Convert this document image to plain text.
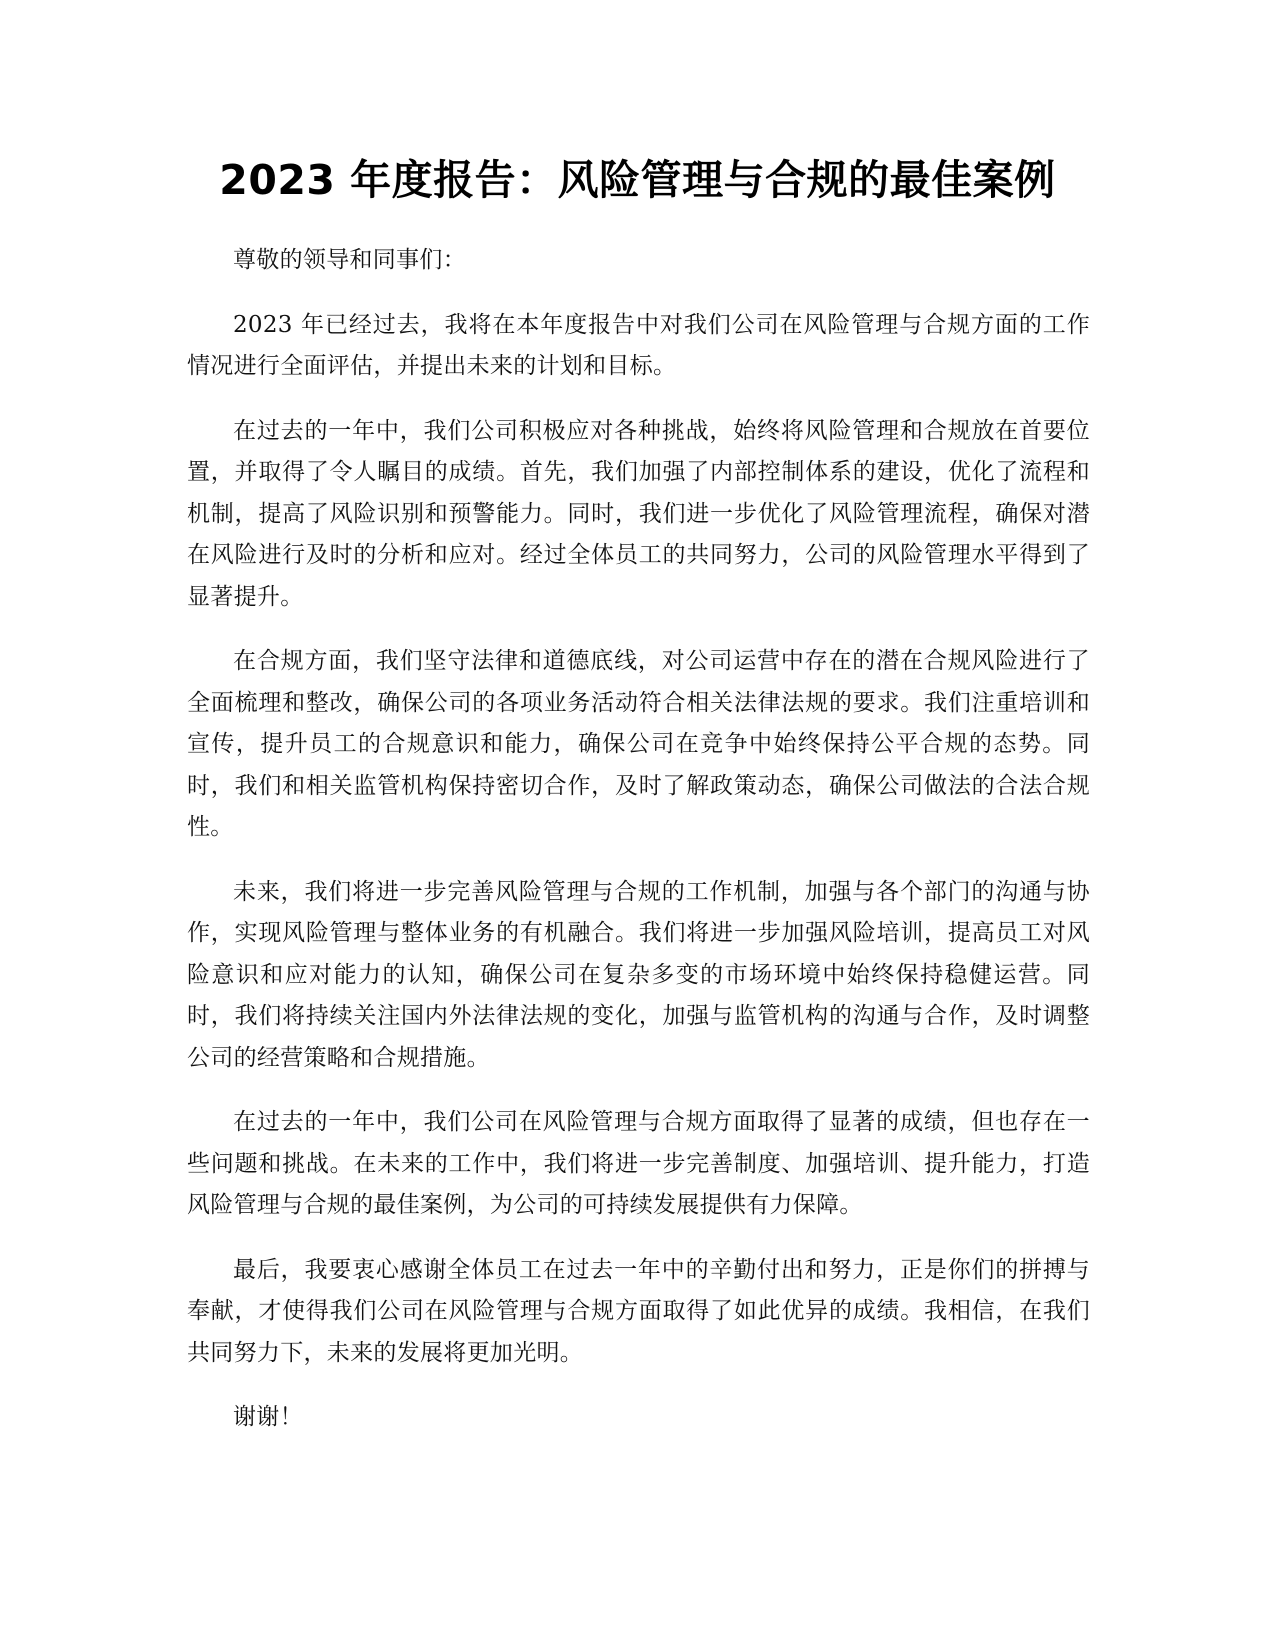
2023 年度报告：风险管理与合规的最佳案例

尊敬的领导和同事们：

2023 年已经过去，我将在本年度报告中对我们公司在风险管理与合规方面的工作情况进行全面评估，并提出未来的计划和目标。

在过去的一年中，我们公司积极应对各种挑战，始终将风险管理和合规放在首要位置，并取得了令人瞩目的成绩。首先，我们加强了内部控制体系的建设，优化了流程和机制，提高了风险识别和预警能力。同时，我们进一步优化了风险管理流程，确保对潜在风险进行及时的分析和应对。经过全体员工的共同努力，公司的风险管理水平得到了显著提升。

在合规方面，我们坚守法律和道德底线，对公司运营中存在的潜在合规风险进行了全面梳理和整改，确保公司的各项业务活动符合相关法律法规的要求。我们注重培训和宣传，提升员工的合规意识和能力，确保公司在竞争中始终保持公平合规的态势。同时，我们和相关监管机构保持密切合作，及时了解政策动态，确保公司做法的合法合规性。

未来，我们将进一步完善风险管理与合规的工作机制，加强与各个部门的沟通与协作，实现风险管理与整体业务的有机融合。我们将进一步加强风险培训，提高员工对风险意识和应对能力的认知，确保公司在复杂多变的市场环境中始终保持稳健运营。同时，我们将持续关注国内外法律法规的变化，加强与监管机构的沟通与合作，及时调整公司的经营策略和合规措施。

在过去的一年中，我们公司在风险管理与合规方面取得了显著的成绩，但也存在一些问题和挑战。在未来的工作中，我们将进一步完善制度、加强培训、提升能力，打造风险管理与合规的最佳案例，为公司的可持续发展提供有力保障。

最后，我要衷心感谢全体员工在过去一年中的辛勤付出和努力，正是你们的拼搏与奉献，才使得我们公司在风险管理与合规方面取得了如此优异的成绩。我相信，在我们共同努力下，未来的发展将更加光明。

谢谢！
